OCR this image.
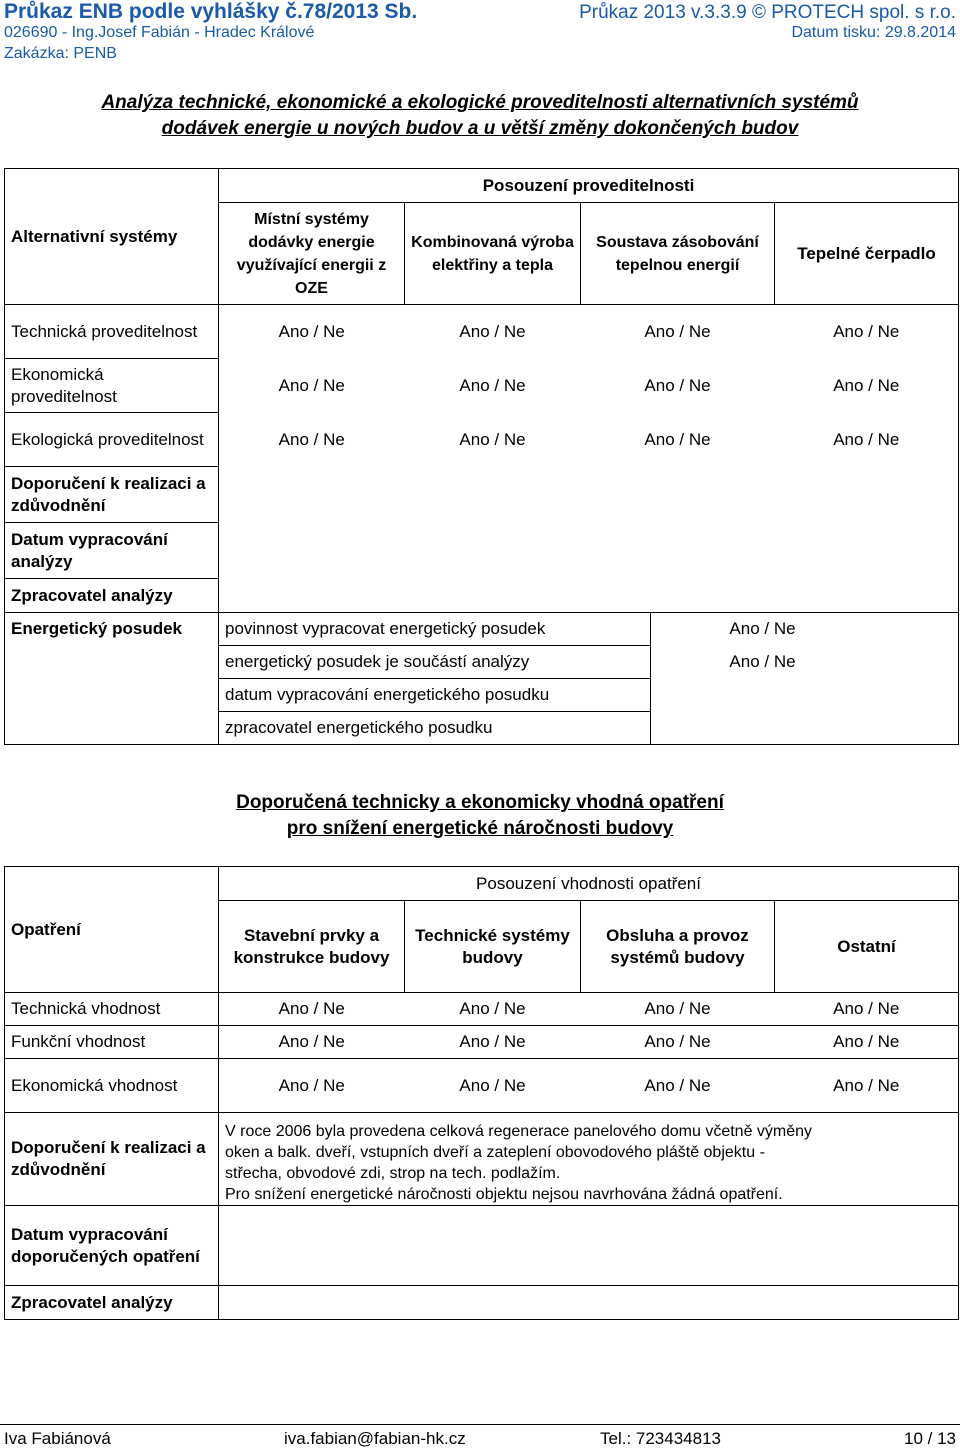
Průkaz ENB podle vyhlášky č.78/2013 Sb.
026690 - Ing.Josef Fabián - Hradec Králové
Zakázka: PENB
Průkaz 2013 v.3.3.9 © PROTECH spol. s r.o.
Datum tisku: 29.8.2014
Analýza technické, ekonomické a ekologické proveditelnosti alternativních systémů
dodávek energie u nových budov a u větší změny dokončených budov
Alternativní systémy	Posouzení proveditelnosti			
	Místní systémy dodávky energie využívající energii z OZE	Kombinovaná výroba elektřiny a tepla	Soustava zásobování tepelnou energií	Tepelné čerpadlo
Technická proveditelnost	Ano / Ne	Ano / Ne	Ano / Ne	Ano / Ne
Ekonomická proveditelnost	Ano / Ne	Ano / Ne	Ano / Ne	Ano / Ne
Ekologická proveditelnost	Ano / Ne	Ano / Ne	Ano / Ne	Ano / Ne
Doporučení k realizaci a zdůvodnění				
Datum vypracování analýzy				
Zpracovatel analýzy				
Energetický posudek	povinnost vypracovat energetický posudek	Ano / Ne
	energetický posudek je součástí analýzy	Ano / Ne
	datum vypracování energetického posudku	
	zpracovatel energetického posudku	
Doporučená technicky a ekonomicky vhodná opatření
pro snížení energetické náročnosti budovy
Opatření	Posouzení vhodnosti opatření			
	Stavební prvky a konstrukce budovy	Technické systémy budovy	Obsluha a provoz systémů budovy	Ostatní
Technická vhodnost	Ano / Ne	Ano / Ne	Ano / Ne	Ano / Ne
Funkční vhodnost	Ano / Ne	Ano / Ne	Ano / Ne	Ano / Ne
Ekonomická vhodnost	Ano / Ne	Ano / Ne	Ano / Ne	Ano / Ne
Doporučení k realizaci a zdůvodnění	V roce 2006 byla provedena celková regenerace panelového domu včetně výměny
oken a balk. dveří, vstupních dveří a zateplení obovodového pláště objektu -
střecha, obvodové zdi, strop na tech. podlažím.
Pro snížení energetické náročnosti objektu nejsou navrhována žádná opatření.			

Datum vypracování doporučených opatření				
Zpracovatel analýzy				
Iva Fabiánová	iva.fabian@fabian-hk.cz	Tel.: 723434813	10 / 13
